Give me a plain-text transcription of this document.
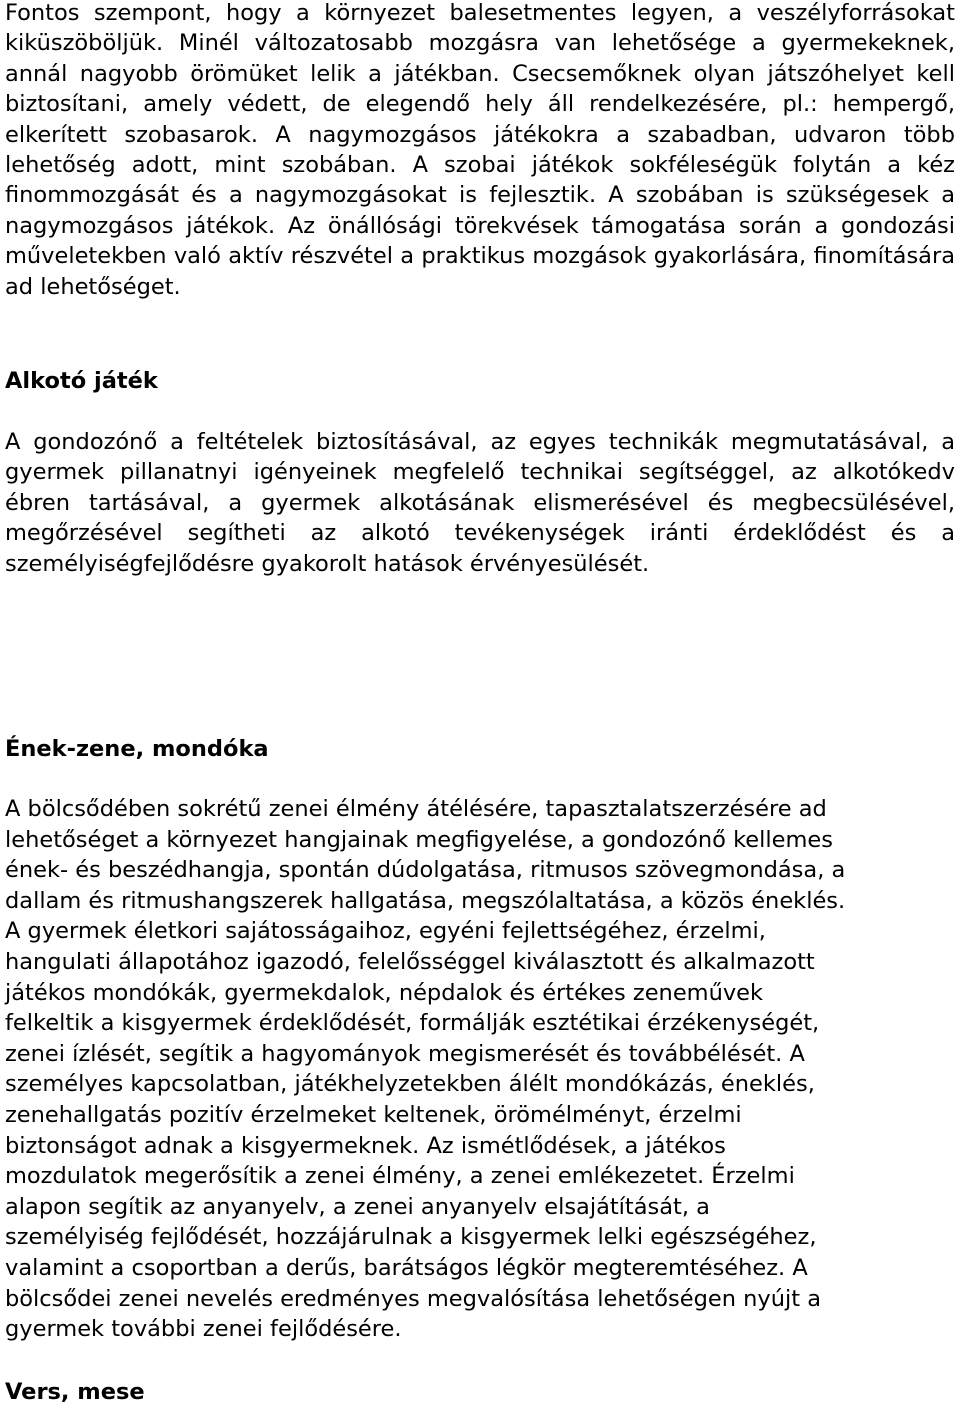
Fontos szempont, hogy a környezet balesetmentes legyen, a veszélyforrásokat kiküszöböljük. Minél változatosabb mozgásra van lehetősége a gyermekeknek, annál nagyobb örömüket lelik a játékban. Csecsemőknek olyan játszóhelyet kell biztosítani, amely védett, de elegendő hely áll rendelkezésére, pl.: hempergő, elkerített szobasarok. A nagymozgásos játékokra a szabadban, udvaron több lehetőség adott, mint szobában. A szobai játékok sokféleségük folytán a kéz finommozgását és a nagymozgásokat is fejlesztik. A szobában is szükségesek a nagymozgásos játékok. Az önállósági törekvések támogatása során a gondozási műveletekben való aktív részvétel a praktikus mozgások gyakorlására, finomítására ad lehetőséget.

Alkotó játék

A gondozónő a feltételek biztosításával, az egyes technikák megmutatásával, a gyermek pillanatnyi igényeinek megfelelő technikai segítséggel, az alkotókedv ébren tartásával, a gyermek alkotásának elismerésével és megbecsülésével, megőrzésével segítheti az alkotó tevékenységek iránti érdeklődést és a személyiségfejlődésre gyakorolt hatások érvényesülését.

Ének-zene, mondóka

A bölcsődében sokrétű zenei élmény átélésére, tapasztalatszerzésére ad
lehetőséget a környezet hangjainak megfigyelése, a gondozónő kellemes
ének- és beszédhangja, spontán dúdolgatása, ritmusos szövegmondása, a
dallam és ritmushangszerek hallgatása, megszólaltatása, a közös éneklés.
A gyermek életkori sajátosságaihoz, egyéni fejlettségéhez, érzelmi,
hangulati állapotához igazodó, felelősséggel kiválasztott és alkalmazott
játékos mondókák, gyermekdalok, népdalok és értékes zeneművek
felkeltik a kisgyermek érdeklődését, formálják esztétikai érzékenységét,
zenei ízlését, segítik a hagyományok megismerését és továbbélését. A
személyes kapcsolatban, játékhelyzetekben álélt mondókázás, éneklés,
zenehallgatás pozitív érzelmeket keltenek, örömélményt, érzelmi
biztonságot adnak a kisgyermeknek. Az ismétlődések, a játékos
mozdulatok megerősítik a zenei élmény, a zenei emlékezetet. Érzelmi
alapon segítik az anyanyelv, a zenei anyanyelv elsajátítását, a
személyiség fejlődését, hozzájárulnak a kisgyermek lelki egészségéhez,
valamint a csoportban a derűs, barátságos légkör megteremtéséhez. A
bölcsődei zenei nevelés eredményes megvalósítása lehetőségen nyújt a
gyermek további zenei fejlődésére.

Vers, mese
